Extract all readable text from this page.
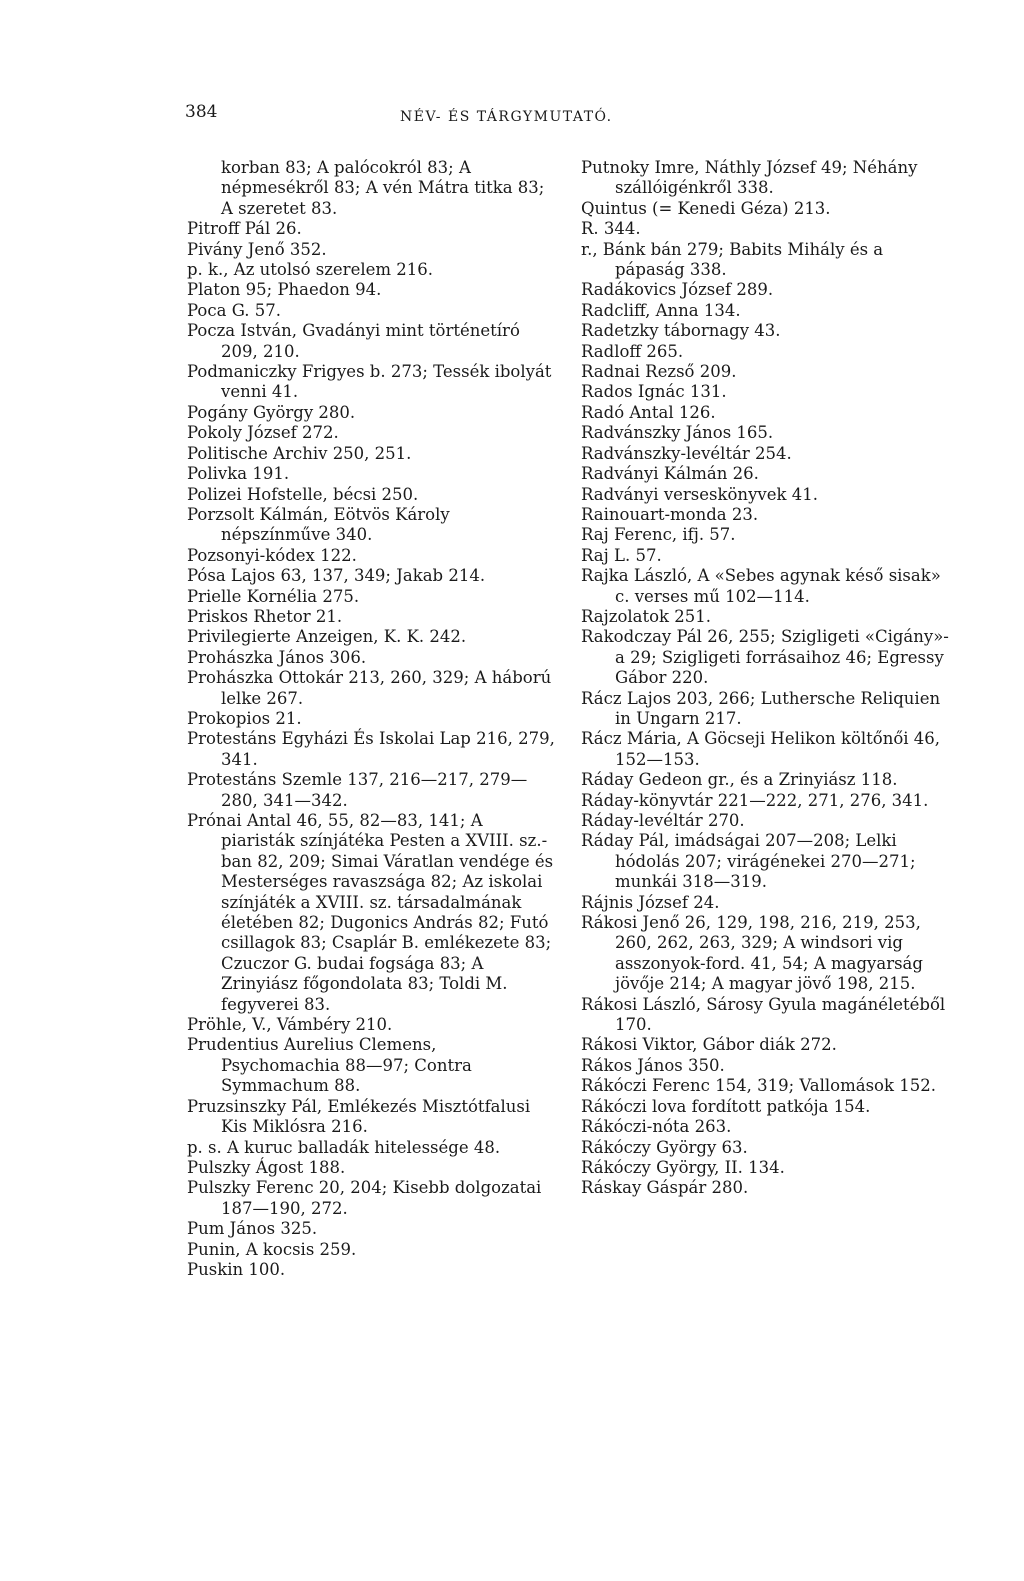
384	NÉV- ÉS TÁRGYMUTATÓ.

korban 83; A palócokról 83; A népmesékről 83; A vén Mátra titka 83; A szeretet 83.

Pitroff Pál 26.

Pivány Jenő 352.

p. k., Az utolsó szerelem 216.

Platon 95; Phaedon 94.

Poca G. 57.

Pocza István, Gvadányi mint történetíró 209, 210.

Podmaniczky Frigyes b. 273; Tessék ibolyát venni 41.

Pogány György 280.

Pokoly József 272.

Politische Archiv 250, 251.

Polivka 191.

Polizei Hofstelle, bécsi 250.

Porzsolt Kálmán, Eötvös Károly népszínműve 340.

Pozsonyi-kódex 122.

Pósa Lajos 63, 137, 349; Jakab 214.

Prielle Kornélia 275.

Priskos Rhetor 21.

Privilegierte Anzeigen, K. K. 242.

Prohászka János 306.

Prohászka Ottokár 213, 260, 329; A háború lelke 267.

Prokopios 21.

Protestáns Egyházi És Iskolai Lap 216, 279, 341.

Protestáns Szemle 137, 216—217, 279—280, 341—342.

Prónai Antal 46, 55, 82—83, 141; A piaristák színjátéka Pesten a XVIII. sz.-ban 82, 209; Simai Váratlan vendége és Mesterséges ravaszsága 82; Az iskolai színjáték a XVIII. sz. társadalmának életében 82; Dugonics András 82; Futó csillagok 83; Csaplár B. emlékezete 83; Czuczor G. budai fogsága 83; A Zrinyiász főgondolata 83; Toldi M. fegyverei 83.

Pröhle, V., Vámbéry 210.

Prudentius Aurelius Clemens, Psychomachia 88—97; Contra Symmachum 88.

Pruzsinszky Pál, Emlékezés Misztótfalusi Kis Miklósra 216.

p. s. A kuruc balladák hitelessége 48.

Pulszky Ágost 188.

Pulszky Ferenc 20, 204; Kisebb dolgozatai 187—190, 272.

Pum János 325.

Punin, A kocsis 259.

Puskin 100.

Putnoky Imre, Náthly József 49; Néhány szállóigénkről 338.

Quintus (= Kenedi Géza) 213.

R. 344.

r., Bánk bán 279; Babits Mihály és a pápaság 338.

Radákovics József 289.

Radcliff, Anna 134.

Radetzky tábornagy 43.

Radloff 265.

Radnai Rezső 209.

Rados Ignác 131.

Radó Antal 126.

Radvánszky János 165.

Radvánszky-levéltár 254.

Radványi Kálmán 26.

Radványi verseskönyvek 41.

Rainouart-monda 23.

Raj Ferenc, ifj. 57.

Raj L. 57.

Rajka László, A «Sebes agynak késő sisak» c. verses mű 102—114.

Rajzolatok 251.

Rakodczay Pál 26, 255; Szigligeti «Cigány»-a 29; Szigligeti forrásaihoz 46; Egressy Gábor 220.

Rácz Lajos 203, 266; Luthersche Reliquien in Ungarn 217.

Rácz Mária, A Göcseji Helikon költőnői 46, 152—153.

Ráday Gedeon gr., és a Zrinyiász 118.

Ráday-könyvtár 221—222, 271, 276, 341.

Ráday-levéltár 270.

Ráday Pál, imádságai 207—208; Lelki hódolás 207; virágénekei 270—271; munkái 318—319.

Rájnis József 24.

Rákosi Jenő 26, 129, 198, 216, 219, 253, 260, 262, 263, 329; A windsori vig asszonyok-ford. 41, 54; A magyarság jövője 214; A magyar jövő 198, 215.

Rákosi László, Sárosy Gyula magánéletéből 170.

Rákosi Viktor, Gábor diák 272.

Rákos János 350.

Rákóczi Ferenc 154, 319; Vallomások 152.

Rákóczi lova fordított patkója 154.

Rákóczi-nóta 263.

Rákóczy György 63.

Rákóczy György, II. 134.

Ráskay Gáspár 280.
